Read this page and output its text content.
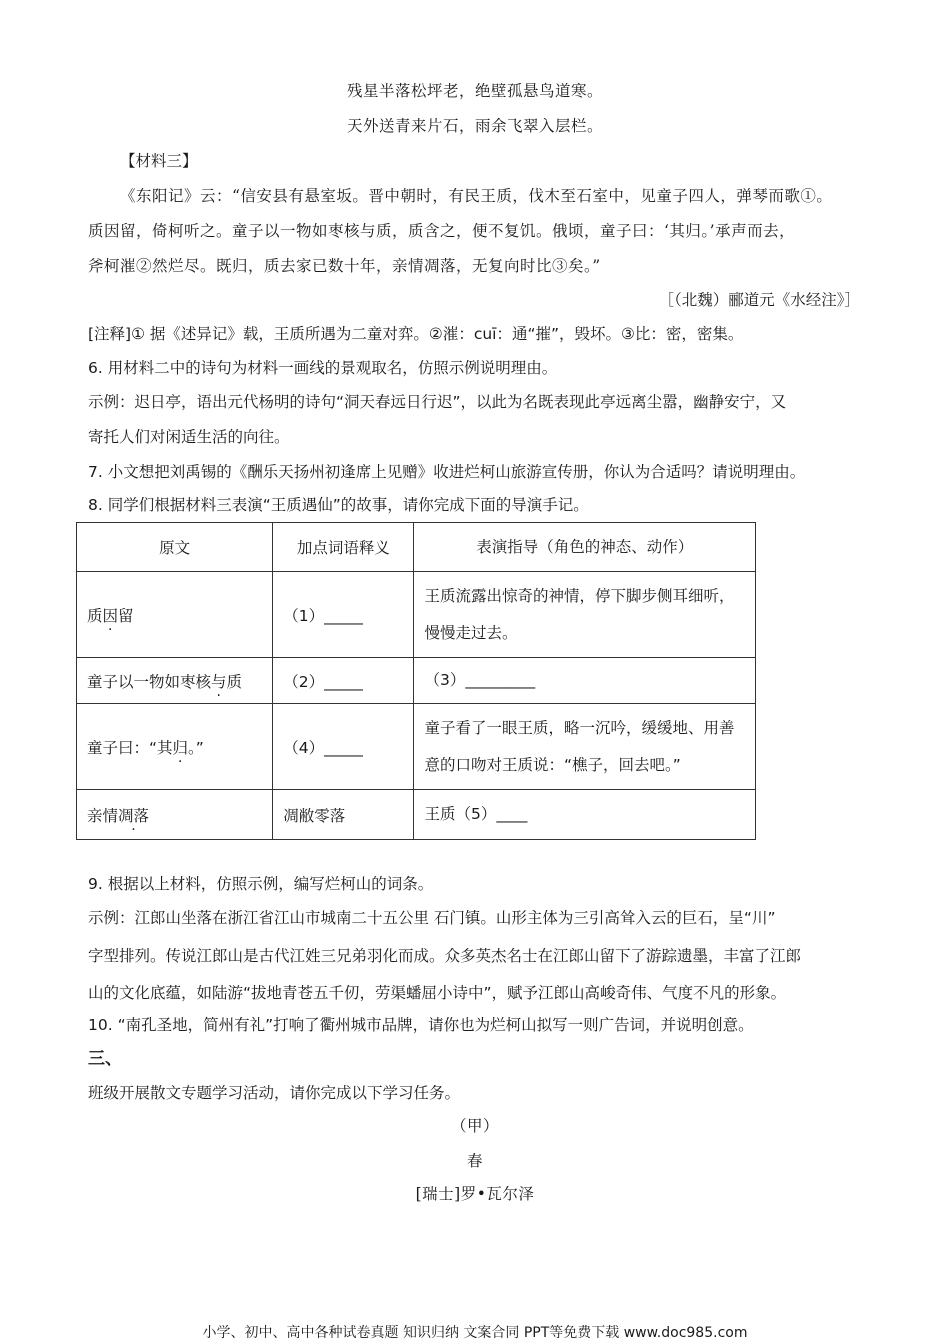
残星半落松坪老，绝壁孤悬鸟道寒。
天外送青来片石，雨余飞翠入层栏。
【材料三】
《东阳记》云：“信安县有悬室坂。晋中朝时，有民王质，伐木至石室中，见童子四人，弹琴而歌①。
质因留，倚柯听之。童子以一物如枣核与质，质含之，便不复饥。俄顷，童子曰：‘其归。’承声而去，
斧柯漼②然烂尽。既归，质去家已数十年，亲情凋落，无复向时比③矣。”
［（北魏）郦道元《水经注》］
[注释]① 据《述异记》载，王质所遇为二童对弈。②漼：cuī：通“摧”，毁坏。③比：密，密集。
6. 用材料二中的诗句为材料一画线的景观取名，仿照示例说明理由。
示例：迟日亭，语出元代杨明的诗句“洞天春远日行迟”，以此为名既表现此亭远离尘嚣，幽静安宁，又
寄托人们对闲适生活的向往。
7. 小文想把刘禹锡的《酬乐天扬州初逢席上见赠》收进烂柯山旅游宣传册，你认为合适吗？请说明理由。
8. 同学们根据材料三表演“王质遇仙”的故事，请你完成下面的导演手记。
原文	加点词语释义	表演指导（角色的神态、动作）
质因留	（1）_____	王质流露出惊奇的神情，停下脚步侧耳细听，慢慢走过去。
童子以一物如枣核与质	（2）_____	（3）_________
童子曰：“其归。”	（4）_____	童子看了一眼王质，略一沉吟，缓缓地、用善意的口吻对王质说：“樵子，回去吧。”
亲情凋落	凋敝零落	王质（5）____
9. 根据以上材料，仿照示例，编写烂柯山的词条。
示例：江郎山坐落在浙江省江山市城南二十五公里 石门镇。山形主体为三引高耸入云的巨石，呈“川”
字型排列。传说江郎山是古代江姓三兄弟羽化而成。众多英杰名士在江郎山留下了游踪遗墨，丰富了江郎
山的文化底蕴，如陆游“拔地青苍五千仞，劳渠蟠屈小诗中”，赋予江郎山高峻奇伟、气度不凡的形象。
10. “南孔圣地，简州有礼”打响了衢州城市品牌，请你也为烂柯山拟写一则广告词，并说明创意。
三、
班级开展散文专题学习活动，请你完成以下学习任务。
（甲）
春
[瑞士]罗•瓦尔泽
小学、初中、高中各种试卷真题 知识归纳 文案合同 PPT等免费下载 www.doc985.com
